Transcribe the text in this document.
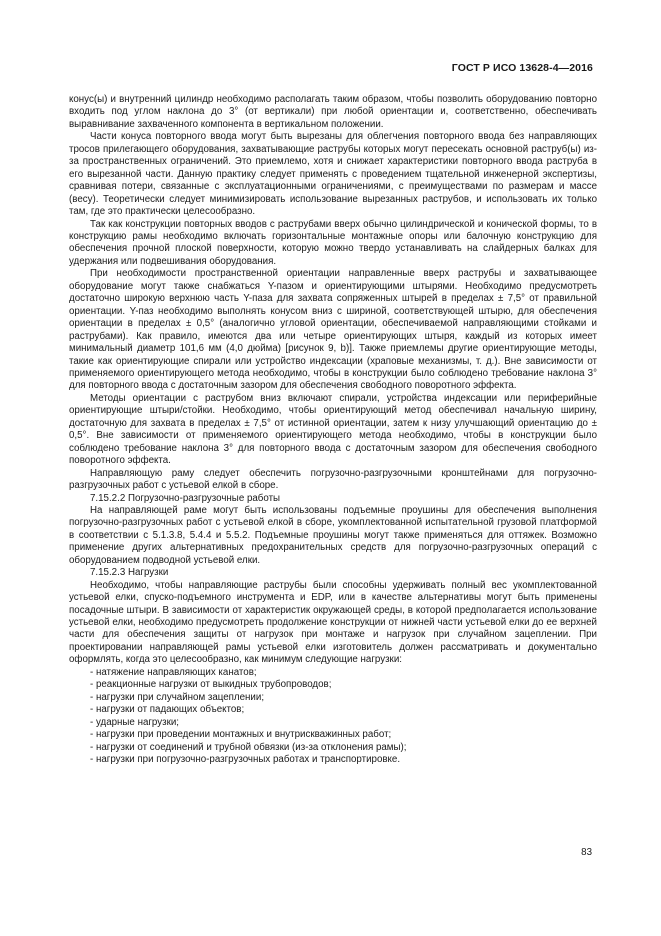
ГОСТ Р ИСО 13628-4—2016

конус(ы) и внутренний цилиндр необходимо располагать таким образом, чтобы позволить оборудованию повторно входить под углом наклона до 3° (от вертикали) при любой ориентации и, соответственно, обеспечивать выравнивание захваченного компонента в вертикальном положении.

Части конуса повторного ввода могут быть вырезаны для облегчения повторного ввода без направляющих тросов прилегающего оборудования, захватывающие раструбы которых могут пересекать основной раструб(ы) из-за пространственных ограничений. Это приемлемо, хотя и снижает характеристики повторного ввода раструба в его вырезанной части. Данную практику следует применять с проведением тщательной инженерной экспертизы, сравнивая потери, связанные с эксплуатационными ограничениями, с преимуществами по размерам и массе (весу). Теоретически следует минимизировать использование вырезанных раструбов, и использовать их только там, где это практически целесообразно.

Так как конструкции повторных вводов с раструбами вверх обычно цилиндрической и конической формы, то в конструкцию рамы необходимо включать горизонтальные монтажные опоры или балочную конструкцию для обеспечения прочной плоской поверхности, которую можно твердо устанавливать на слайдерных балках для удержания или подвешивания оборудования.

При необходимости пространственной ориентации направленные вверх раструбы и захватывающее оборудование могут также снабжаться Y-пазом и ориентирующими штырями. Необходимо предусмотреть достаточно широкую верхнюю часть Y-паза для захвата сопряженных штырей в пределах ± 7,5° от правильной ориентации. Y-паз необходимо выполнять конусом вниз с шириной, соответствующей штырю, для обеспечения ориентации в пределах ± 0,5° (аналогично угловой ориентации, обеспечиваемой направляющими стойками и раструбами). Как правило, имеются два или четыре ориентирующих штыря, каждый из которых имеет минимальный диаметр 101,6 мм (4,0 дюйма) [рисунок 9, b)]. Также приемлемы другие ориентирующие методы, такие как ориентирующие спирали или устройство индексации (храповые механизмы, т. д.). Вне зависимости от применяемого ориентирующего метода необходимо, чтобы в конструкции было соблюдено требование наклона 3° для повторного ввода с достаточным зазором для обеспечения свободного поворотного эффекта.

Методы ориентации с раструбом вниз включают спирали, устройства индексации или периферийные ориентирующие штыри/стойки. Необходимо, чтобы ориентирующий метод обеспечивал начальную ширину, достаточную для захвата в пределах ± 7,5° от истинной ориентации, затем к низу улучшающий ориентацию до ± 0,5°. Вне зависимости от применяемого ориентирующего метода необходимо, чтобы в конструкции было соблюдено требование наклона 3° для повторного ввода с достаточным зазором для обеспечения свободного поворотного эффекта.

Направляющую раму следует обеспечить погрузочно-разгрузочными кронштейнами для погрузочно-разгрузочных работ с устьевой елкой в сборе.

7.15.2.2 Погрузочно-разгрузочные работы

На направляющей раме могут быть использованы подъемные проушины для обеспечения выполнения погрузочно-разгрузочных работ с устьевой елкой в сборе, укомплектованной испытательной грузовой платформой в соответствии с 5.1.3.8, 5.4.4 и 5.5.2. Подъемные проушины могут также применяться для оттяжек. Возможно применение других альтернативных предохранительных средств для погрузочно-разгрузочных операций с оборудованием подводной устьевой елки.

7.15.2.3 Нагрузки

Необходимо, чтобы направляющие раструбы были способны удерживать полный вес укомплектованной устьевой елки, спуско-подъемного инструмента и EDP, или в качестве альтернативы могут быть применены посадочные штыри. В зависимости от характеристик окружающей среды, в которой предполагается использование устьевой елки, необходимо предусмотреть продолжение конструкции от нижней части устьевой елки до ее верхней части для обеспечения защиты от нагрузок при монтаже и нагрузок при случайном зацеплении. При проектировании направляющей рамы устьевой елки изготовитель должен рассматривать и документально оформлять, когда это целесообразно, как минимум следующие нагрузки:

- натяжение направляющих канатов;
- реакционные нагрузки от выкидных трубопроводов;
- нагрузки при случайном зацеплении;
- нагрузки от падающих объектов;
- ударные нагрузки;
- нагрузки при проведении монтажных и внутрискважинных работ;
- нагрузки от соединений и трубной обвязки (из-за отклонения рамы);
- нагрузки при погрузочно-разгрузочных работах и транспортировке.
83
